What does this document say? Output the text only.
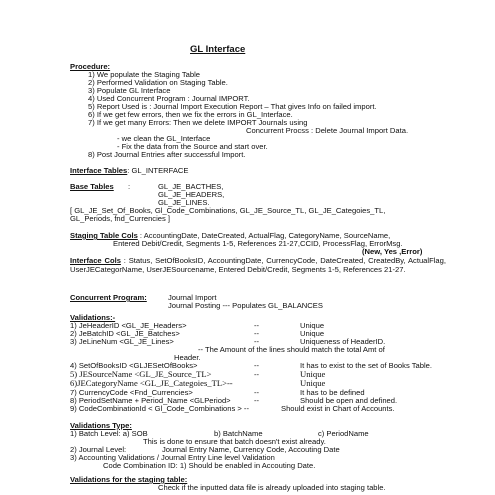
GL Interface
Procedure:
1) We populate the Staging Table
2) Performed Validation on Staging Table.
3) Populate GL Interface
4) Used Concurrent Program : Journal IMPORT.
5) Report Used is : Journal Import Execution Report – That gives Info on failed import.
6) If we get few errors, then we fix the errors in GL_Interface.
7) If we get many Errors: Then we delete IMPORT Journals using
Concurrent Procss : Delete Journal Import Data.
- we clean the GL_Interface
- Fix the data from the Source and start over.
8) Post Journal Entries after successful Import.
Interface Tables: GL_INTERFACE
Base Tables :	GL_JE_BACTHES,
GL_JE_HEADERS,
GL_JE_LINES.
[ GL_JE_Set_Of_Books, Gl_Code_Combinations, GL_JE_Source_TL, GL_JE_Categoies_TL,
GL_Periods, fnd_Currencies ]
Staging Table Cols : AccountingDate, DateCreated, ActualFlag, CategoryName, SourceName,
Entered Debit/Credit, Segments 1-5, References 21-27,CCID, ProcessFlag, ErrorMsg.
(New, Yes ,Error)
Interface Cols : Status, SetOfBooksID, AccountingDate, CurrencyCode, DateCreated, CreatedBy, ActualFlag, UserJECategorName, UserJESourcename, Entered Debit/Credit, Segments 1-5, References 21-27.
Concurrent Program:	Journal Import
Journal Posting --- Populates GL_BALANCES
Validations:-
1) JeHeaderID <GL_JE_Headers>	--	Unique
2) JeBatchID <GL_JE_Batches>	--	Unique
3) JeLineNum <GL_JE_Lines>	--	Uniqueness of HeaderID.
-- The Amount of the lines should match the total Amt of
Header.
4) SetOfBooksID <GLJESetOfBooks>	--	It has to exist to the set of Books Table.
5) JESourceName <GL_JE_Source_TL>	--	Unique
6)JECategoryName <GL_JE_Categoies_TL>--	Unique
7) CurrencyCode <Fnd_Currencies>	--	It has to be defined
8) PeriodSetName + Period_Name <GLPeriod>	--	Should be open and defined.
9) CodeCombinationId < Gl_Code_Combinations > --	Should exist in Chart of Accounts.
Validations Type:
1) Batch Level: a) SOB	b) BatchName	c) PeriodName
This is done to ensure that batch doesn't exist already.
2) Journal Level:	Journal Entry Name, Currency Code, Accouting Date
3) Accounting Validations / Journal Entry Line level Validation
Code Combination ID: 1) Should be enabled in Accouting Date.
Validations for the staging table:
Check if the inputted data file is already uploaded into staging table.
